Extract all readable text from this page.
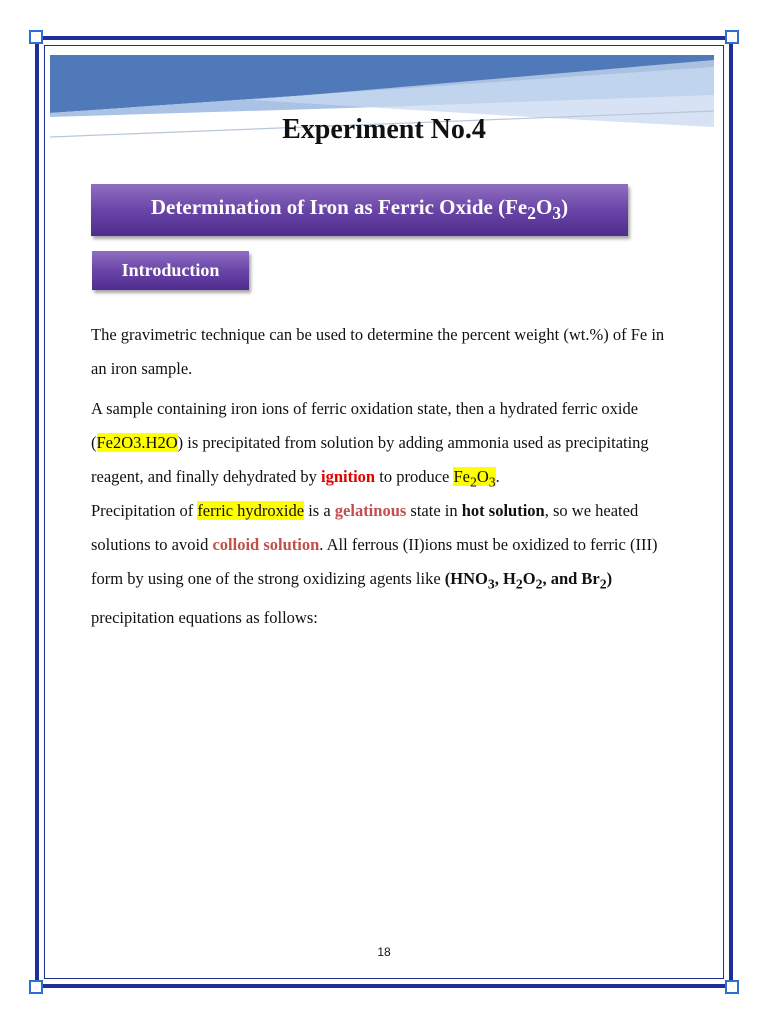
Experiment No.4
Determination of Iron as Ferric Oxide $(Fe_2O_3)$
Introduction

The gravimetric technique can be used to determine the percent weight (wt.%) of Fe in an iron sample.

A sample containing iron ions of ferric oxidation state, then a hydrated ferric oxide (Fe2O3.H2O) is precipitated from solution by adding ammonia used as precipitating reagent, and finally dehydrated by ignition to produce $Fe_2O_3$.

Precipitation of ferric hydroxide is a gelatinous state in hot solution, so we heated solutions to avoid colloid solution. All ferrous (II)ions must be oxidized to ferric (III) form by using one of the strong oxidizing agents like ($HNO_3$, $H_2O_2$, and $Br_2$) precipitation equations as follows:

18
